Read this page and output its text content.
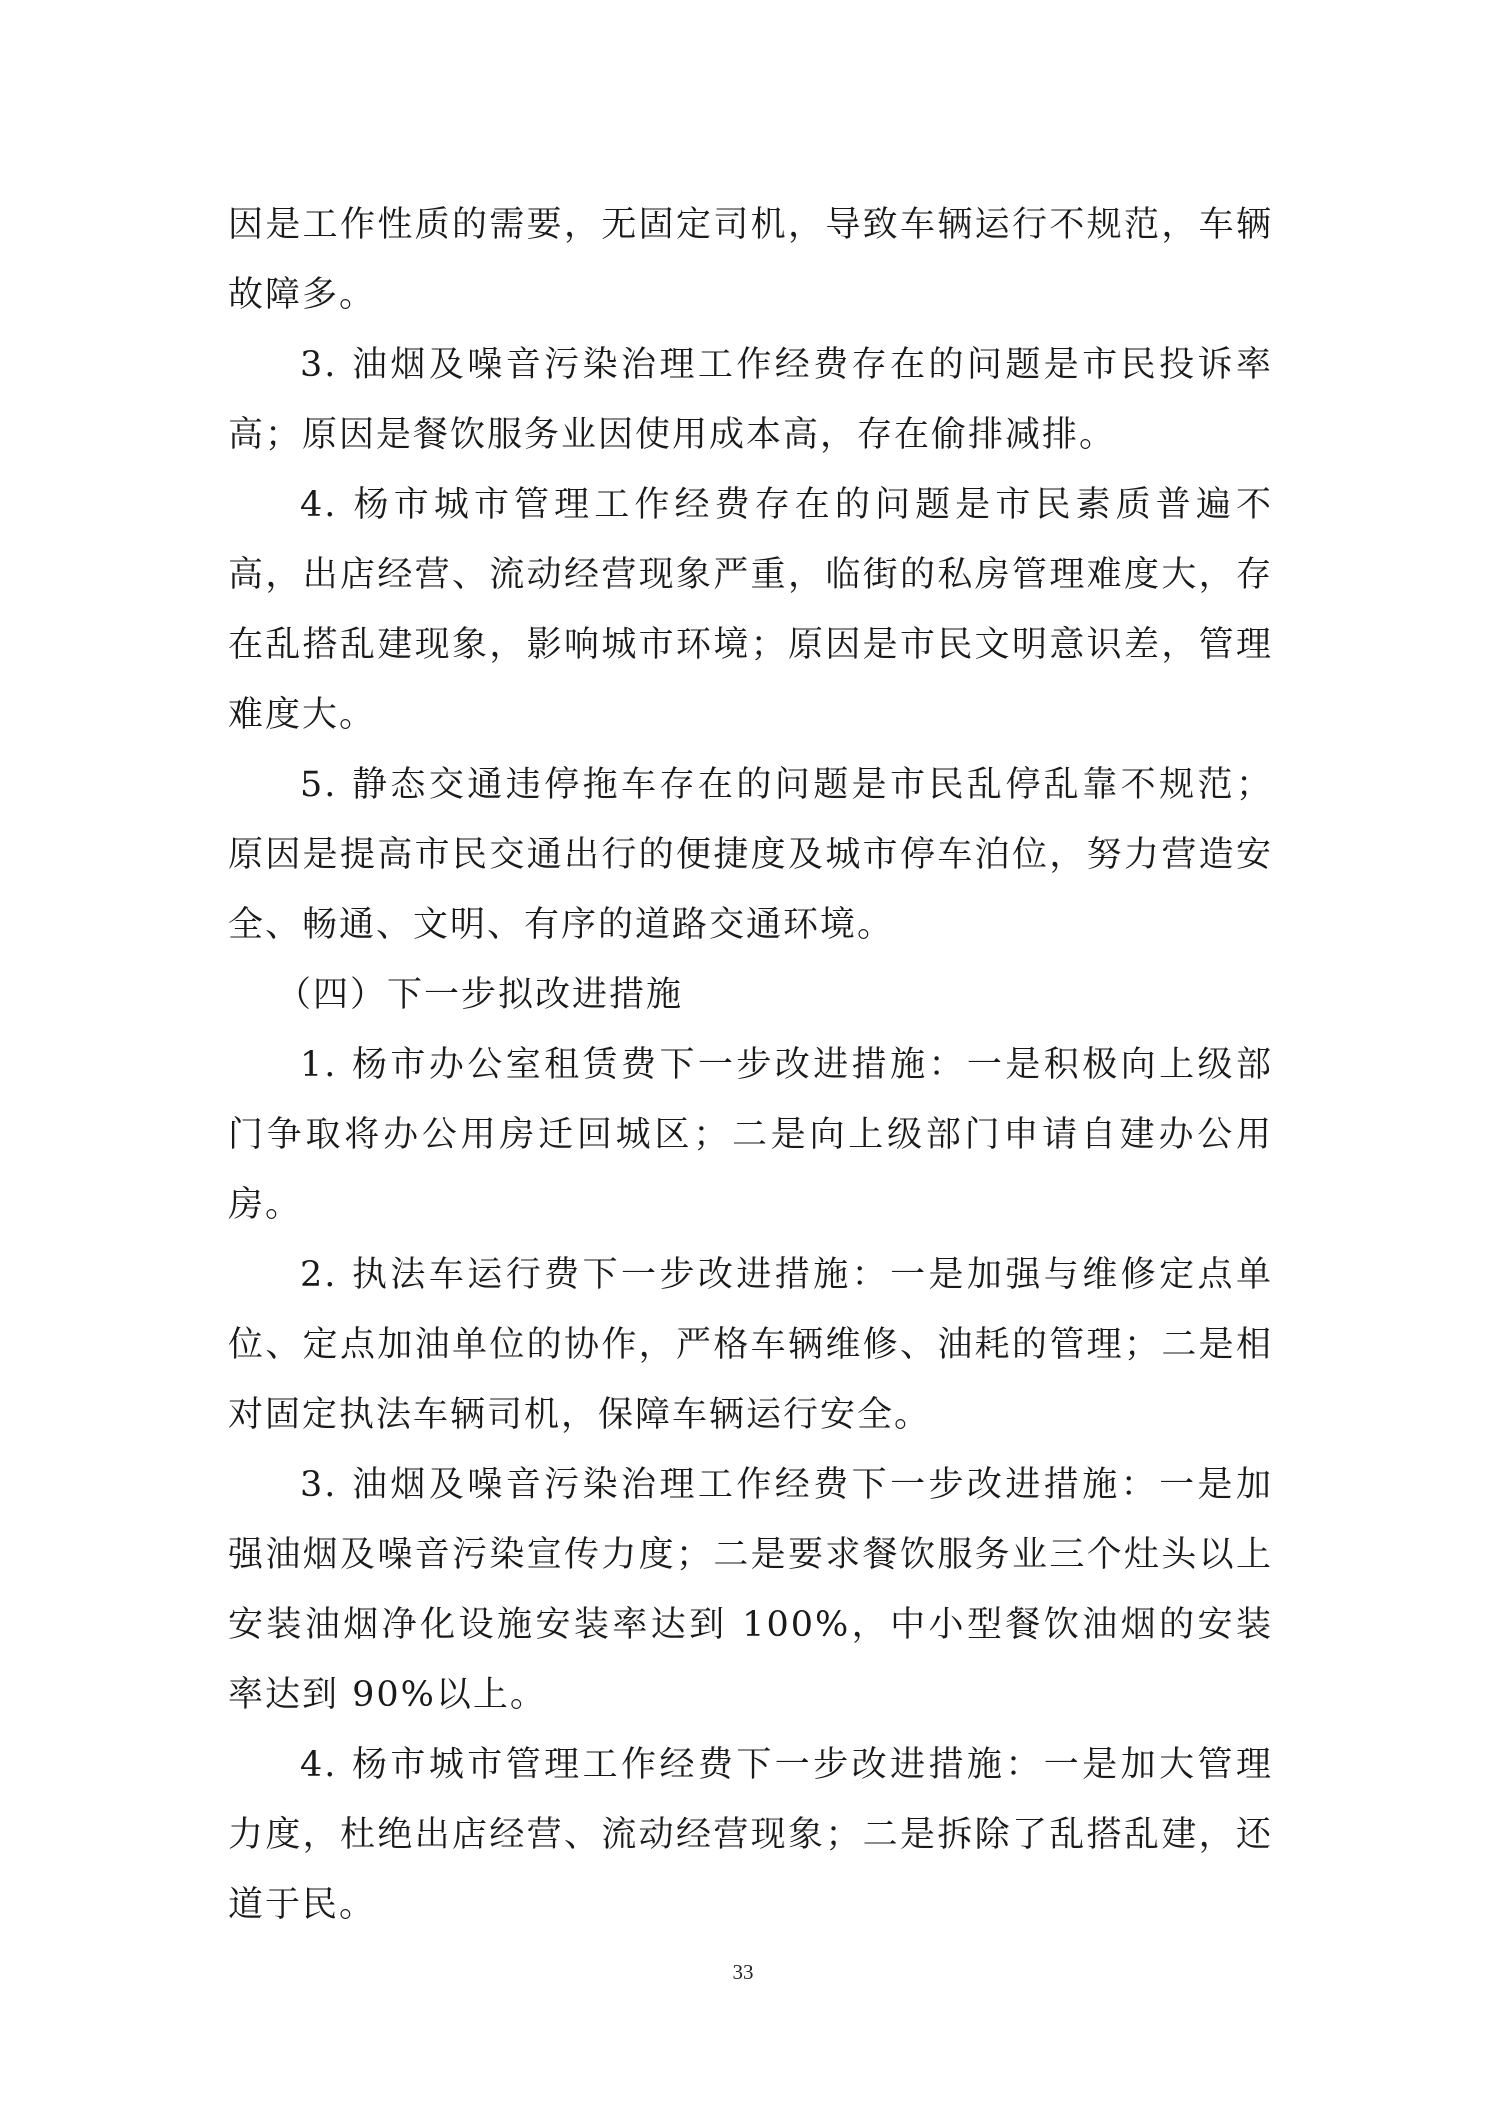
因是工作性质的需要，无固定司机，导致车辆运行不规范，车辆故障多。

3. 油烟及噪音污染治理工作经费存在的问题是市民投诉率高；原因是餐饮服务业因使用成本高，存在偷排减排。

4. 杨市城市管理工作经费存在的问题是市民素质普遍不高，出店经营、流动经营现象严重，临街的私房管理难度大，存在乱搭乱建现象，影响城市环境；原因是市民文明意识差，管理难度大。

5. 静态交通违停拖车存在的问题是市民乱停乱靠不规范；原因是提高市民交通出行的便捷度及城市停车泊位，努力营造安全、畅通、文明、有序的道路交通环境。

（四）下一步拟改进措施

1. 杨市办公室租赁费下一步改进措施：一是积极向上级部门争取将办公用房迁回城区；二是向上级部门申请自建办公用房。

2. 执法车运行费下一步改进措施：一是加强与维修定点单位、定点加油单位的协作，严格车辆维修、油耗的管理；二是相对固定执法车辆司机，保障车辆运行安全。

3. 油烟及噪音污染治理工作经费下一步改进措施：一是加强油烟及噪音污染宣传力度；二是要求餐饮服务业三个灶头以上安装油烟净化设施安装率达到 100%，中小型餐饮油烟的安装率达到 90%以上。

4. 杨市城市管理工作经费下一步改进措施：一是加大管理力度，杜绝出店经营、流动经营现象；二是拆除了乱搭乱建，还道于民。

33
